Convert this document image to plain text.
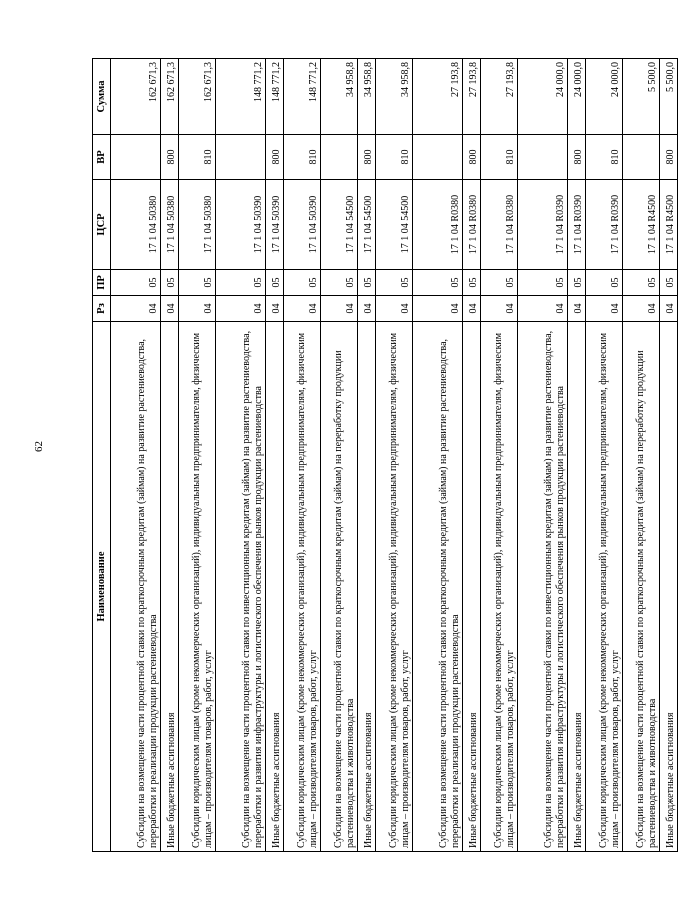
62
Наименование	Рз	ПР	ЦСР	ВР	Сумма
Субсидии на возмещение части процентной ставки по краткосрочным кредитам (займам) на развитие растениеводства, переработки и реализации продукции растениеводства	04	05	17 1 04 50380		162 671,3
Иные бюджетные ассигнования	04	05	17 1 04 50380	800	162 671,3
Субсидии юридическим лицам (кроме некоммерческих организаций), индивидуальным предпринимателям, физическим лицам – производителям товаров, работ, услуг	04	05	17 1 04 50380	810	162 671,3
Субсидии на возмещение части процентной ставки по инвестиционным кредитам (займам) на развитие растениеводства, переработки и развития инфраструктуры и логистического обеспечения рынков продукции растениеводства	04	05	17 1 04 50390		148 771,2
Иные бюджетные ассигнования	04	05	17 1 04 50390	800	148 771,2
Субсидии юридическим лицам (кроме некоммерческих организаций), индивидуальным предпринимателям, физическим лицам – производителям товаров, работ, услуг	04	05	17 1 04 50390	810	148 771,2
Субсидии на возмещение части процентной ставки по краткосрочным кредитам (займам) на переработку продукции растениеводства и животноводства	04	05	17 1 04 54500		34 958,8
Иные бюджетные ассигнования	04	05	17 1 04 54500	800	34 958,8
Субсидии юридическим лицам (кроме некоммерческих организаций), индивидуальным предпринимателям, физическим лицам – производителям товаров, работ, услуг	04	05	17 1 04 54500	810	34 958,8
Субсидии на возмещение части процентной ставки по краткосрочным кредитам (займам) на развитие растениеводства, переработки и реализации продукции растениеводства	04	05	17 1 04 R0380		27 193,8
Иные бюджетные ассигнования	04	05	17 1 04 R0380	800	27 193,8
Субсидии юридическим лицам (кроме некоммерческих организаций), индивидуальным предпринимателям, физическим лицам – производителям товаров, работ, услуг	04	05	17 1 04 R0380	810	27 193,8
Субсидии на возмещение части процентной ставки по инвестиционным кредитам (займам) на развитие растениеводства, переработки и развития инфраструктуры и логистического обеспечения рынков продукции растениеводства	04	05	17 1 04 R0390		24 000,0
Иные бюджетные ассигнования	04	05	17 1 04 R0390	800	24 000,0
Субсидии юридическим лицам (кроме некоммерческих организаций), индивидуальным предпринимателям, физическим лицам – производителям товаров, работ, услуг	04	05	17 1 04 R0390	810	24 000,0
Субсидии на возмещение части процентной ставки по краткосрочным кредитам (займам) на переработку продукции растениеводства и животноводства	04	05	17 1 04 R4500		5 500,0
Иные бюджетные ассигнования	04	05	17 1 04 R4500	800	5 500,0
